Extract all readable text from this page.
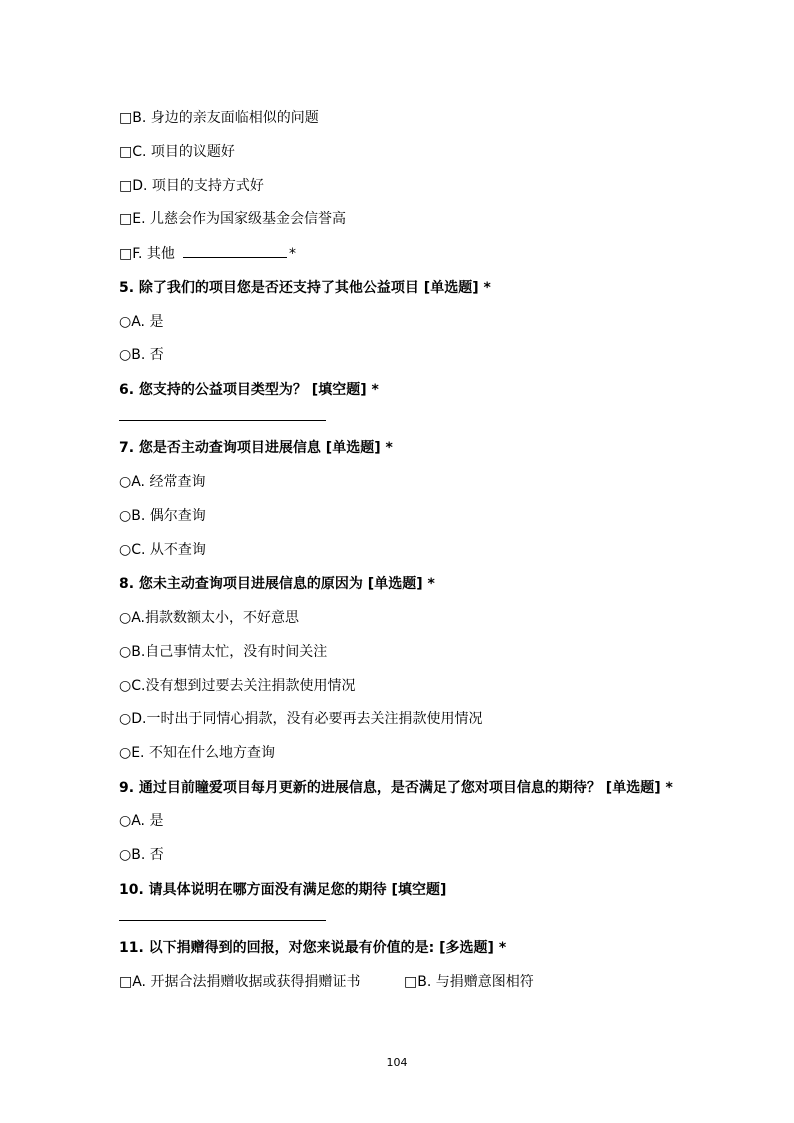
□B. 身边的亲友面临相似的问题
□C. 项目的议题好
□D. 项目的支持方式好
□E. 儿慈会作为国家级基金会信誉高
□F. 其他	*
5. 除了我们的项目您是否还支持了其他公益项目 [单选题] *
○A. 是
○B. 否
6. 您支持的公益项目类型为？ [填空题] *
7. 您是否主动查询项目进展信息 [单选题] *
○A. 经常查询
○B. 偶尔查询
○C. 从不查询
8. 您未主动查询项目进展信息的原因为 [单选题] *
○A.捐款数额太小，不好意思
○B.自己事情太忙，没有时间关注
○C.没有想到过要去关注捐款使用情况
○D.一时出于同情心捐款，没有必要再去关注捐款使用情况
○E. 不知在什么地方查询
9. 通过目前瞳爱项目每月更新的进展信息，是否满足了您对项目信息的期待？ [单选题] *
○A. 是
○B. 否
10. 请具体说明在哪方面没有满足您的期待 [填空题]
11. 以下捐赠得到的回报，对您来说最有价值的是: [多选题] *
□A. 开据合法捐赠收据或获得捐赠证书	□B. 与捐赠意图相符
104
